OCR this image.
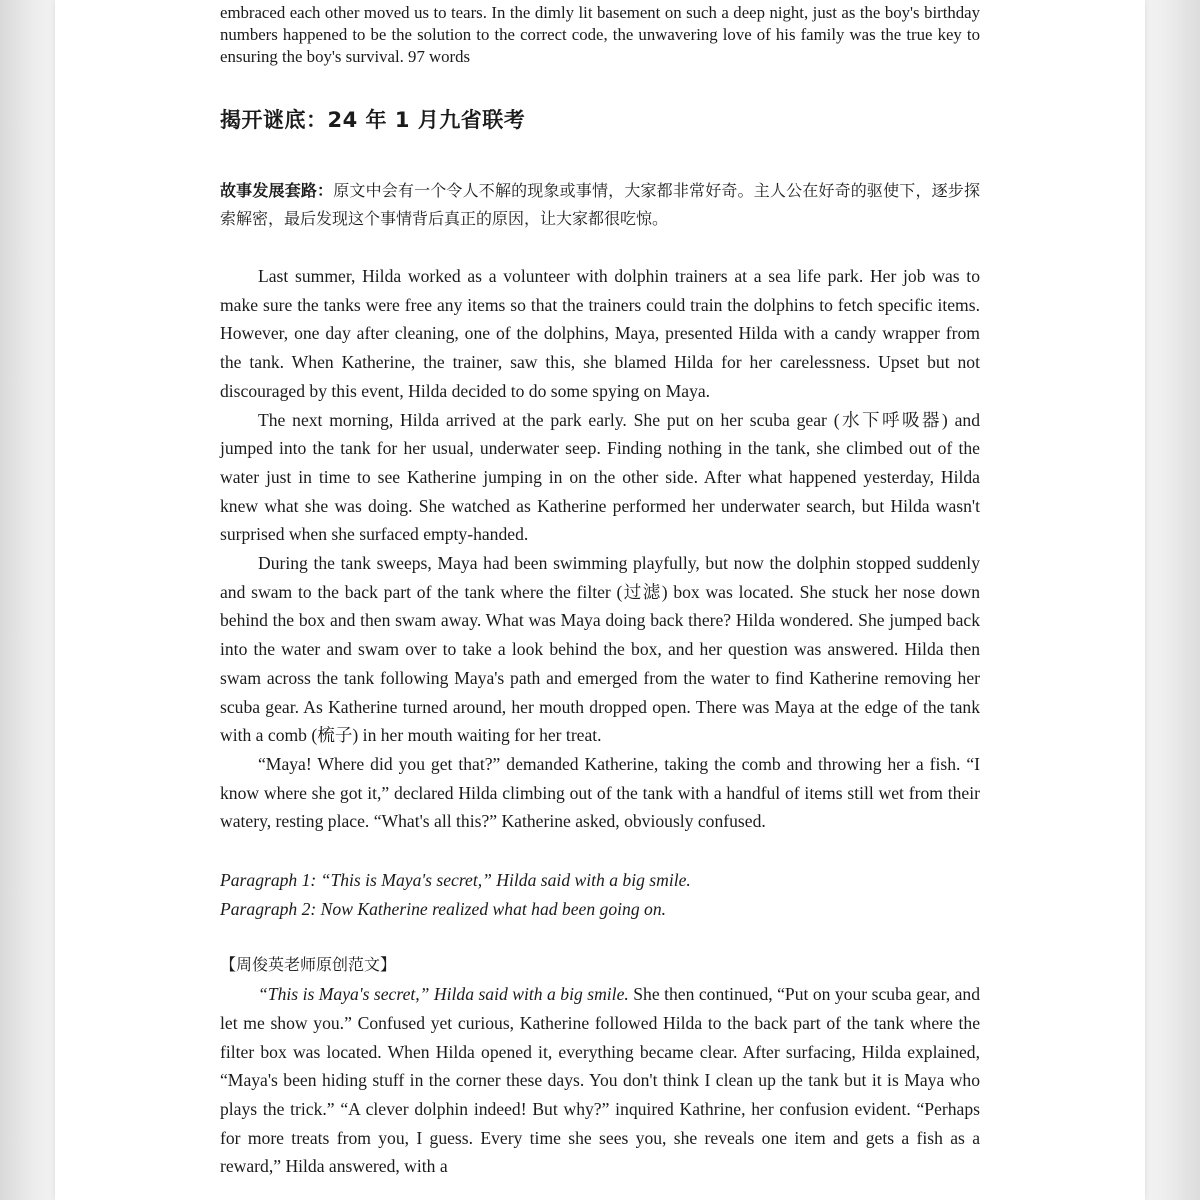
embraced each other moved us to tears. In the dimly lit basement on such a deep night, just as the boy's birthday numbers happened to be the solution to the correct code, the unwavering love of his family was the true key to ensuring the boy's survival. 97 words

揭开谜底：24 年 1 月九省联考

故事发展套路：原文中会有一个令人不解的现象或事情，大家都非常好奇。主人公在好奇的驱使下，逐步探索解密，最后发现这个事情背后真正的原因，让大家都很吃惊。

Last summer, Hilda worked as a volunteer with dolphin trainers at a sea life park. Her job was to make sure the tanks were free any items so that the trainers could train the dolphins to fetch specific items. However, one day after cleaning, one of the dolphins, Maya, presented Hilda with a candy wrapper from the tank. When Katherine, the trainer, saw this, she blamed Hilda for her carelessness. Upset but not discouraged by this event, Hilda decided to do some spying on Maya.

The next morning, Hilda arrived at the park early. She put on her scuba gear (水下呼吸器) and jumped into the tank for her usual, underwater seep. Finding nothing in the tank, she climbed out of the water just in time to see Katherine jumping in on the other side. After what happened yesterday, Hilda knew what she was doing. She watched as Katherine performed her underwater search, but Hilda wasn't surprised when she surfaced empty-handed.

During the tank sweeps, Maya had been swimming playfully, but now the dolphin stopped suddenly and swam to the back part of the tank where the filter (过滤) box was located. She stuck her nose down behind the box and then swam away. What was Maya doing back there? Hilda wondered. She jumped back into the water and swam over to take a look behind the box, and her question was answered. Hilda then swam across the tank following Maya's path and emerged from the water to find Katherine removing her scuba gear. As Katherine turned around, her mouth dropped open. There was Maya at the edge of the tank with a comb (梳子) in her mouth waiting for her treat.

“Maya! Where did you get that?” demanded Katherine, taking the comb and throwing her a fish. “I know where she got it,” declared Hilda climbing out of the tank with a handful of items still wet from their watery, resting place. “What's all this?” Katherine asked, obviously confused.

Paragraph 1: “This is Maya's secret,” Hilda said with a big smile.

Paragraph 2: Now Katherine realized what had been going on.

【周俊英老师原创范文】

“This is Maya's secret,” Hilda said with a big smile. She then continued, “Put on your scuba gear, and let me show you.” Confused yet curious, Katherine followed Hilda to the back part of the tank where the filter box was located. When Hilda opened it, everything became clear. After surfacing, Hilda explained, “Maya's been hiding stuff in the corner these days. You don't think I clean up the tank but it is Maya who plays the trick.” “A clever dolphin indeed! But why?” inquired Kathrine, her confusion evident. “Perhaps for more treats from you, I guess. Every time she sees you, she reveals one item and gets a fish as a reward,” Hilda answered, with a
